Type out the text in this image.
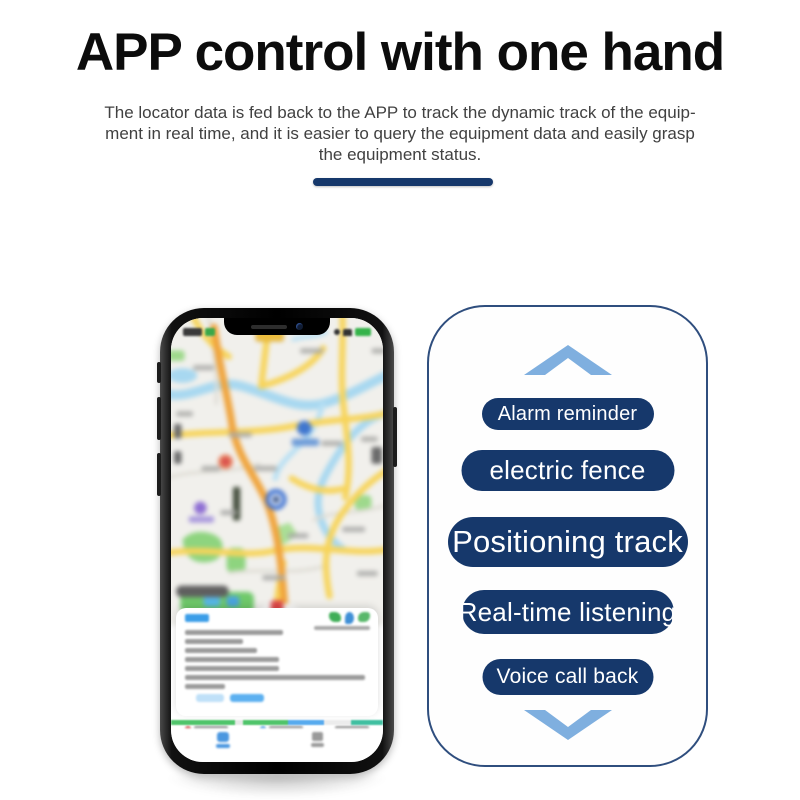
APP control with one hand
The locator data is fed back to the APP to track the dynamic track of the equip-
ment in real time, and it is easier to query the equipment data and easily grasp
the equipment status.
Alarm reminder
electric fence
Positioning track
Real-time listening
Voice call back
